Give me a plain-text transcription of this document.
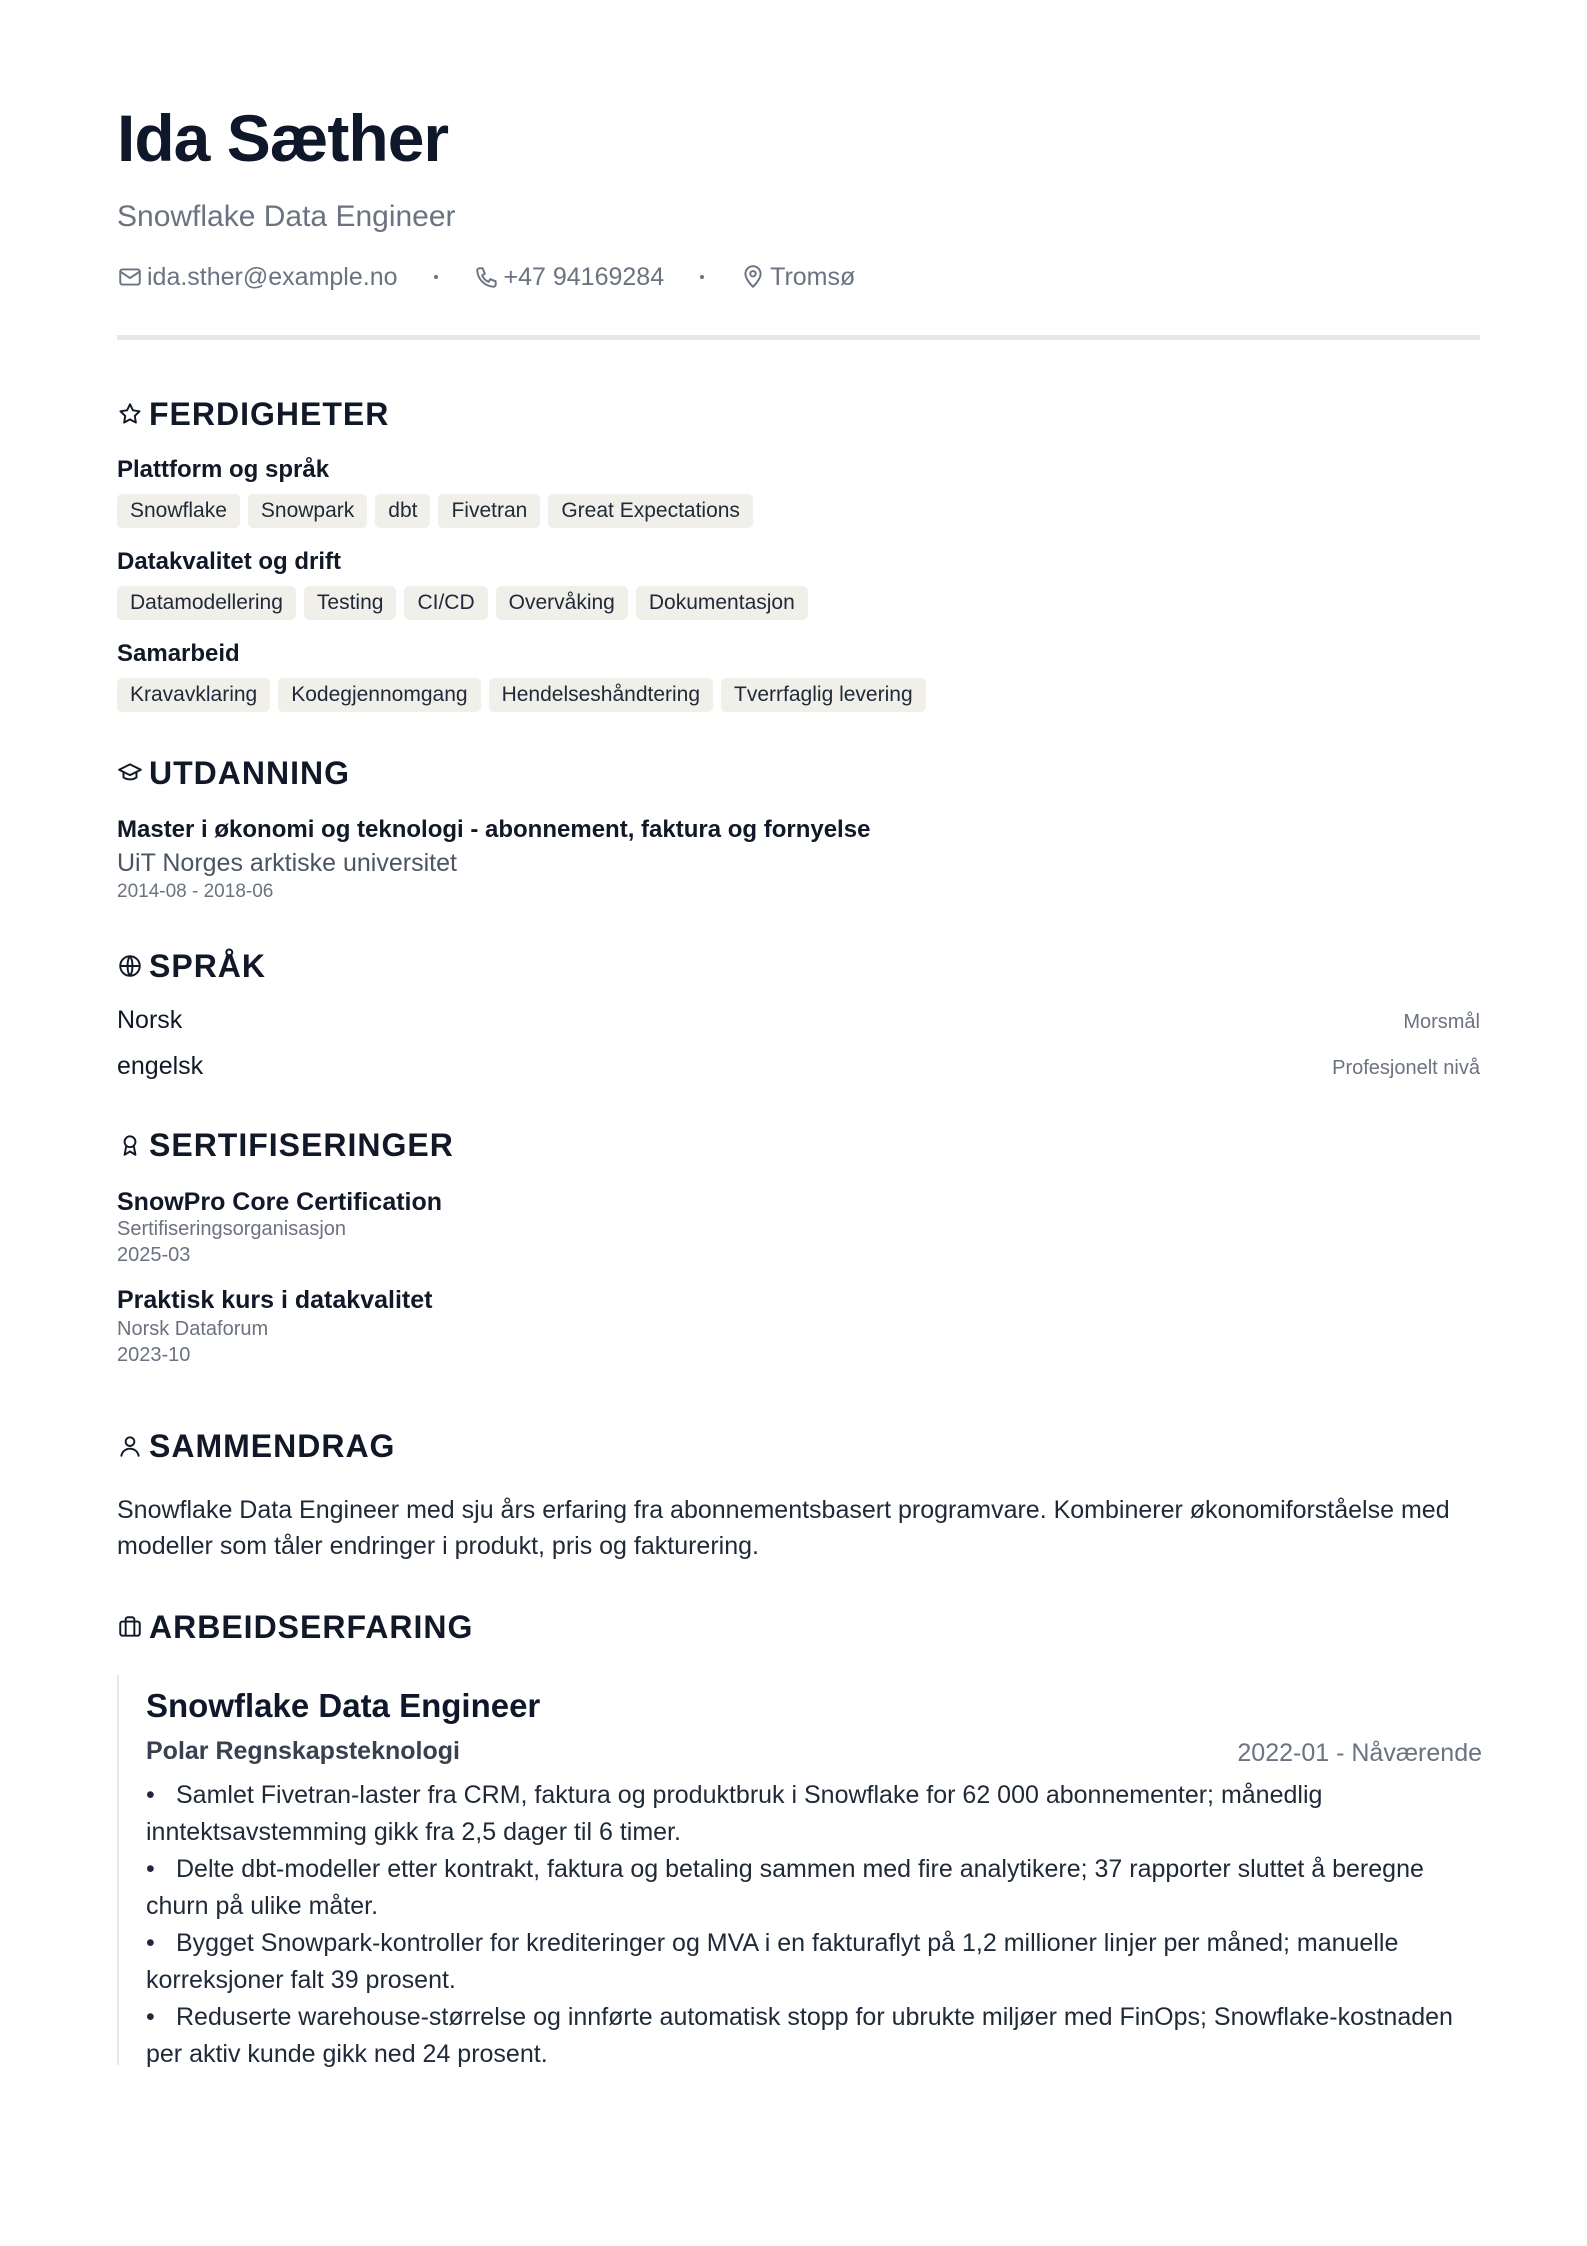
Ida Sæther
Snowflake Data Engineer
ida.sther@example.no	+47 94169284	Tromsø
FERDIGHETER
Plattform og språk
Snowflake	Snowpark	dbt	Fivetran	Great Expectations
Datakvalitet og drift
Datamodellering	Testing	CI/CD	Overvåking	Dokumentasjon
Samarbeid
Kravavklaring	Kodegjennomgang	Hendelseshåndtering	Tverrfaglig levering
UTDANNING
Master i økonomi og teknologi - abonnement, faktura og fornyelse
UiT Norges arktiske universitet
2014-08 - 2018-06
SPRÅK
Norsk	Morsmål
engelsk	Profesjonelt nivå
SERTIFISERINGER
SnowPro Core Certification
Sertifiseringsorganisasjon
2025-03
Praktisk kurs i datakvalitet
Norsk Dataforum
2023-10
SAMMENDRAG
Snowflake Data Engineer med sju års erfaring fra abonnementsbasert programvare. Kombinerer økonomiforståelse med modeller som tåler endringer i produkt, pris og fakturering.
ARBEIDSERFARING
Snowflake Data Engineer
Polar Regnskapsteknologi	2022-01 - Nåværende
• Samlet Fivetran-laster fra CRM, faktura og produktbruk i Snowflake for 62 000 abonnementer; månedlig inntektsavstemming gikk fra 2,5 dager til 6 timer.
• Delte dbt-modeller etter kontrakt, faktura og betaling sammen med fire analytikere; 37 rapporter sluttet å beregne churn på ulike måter.
• Bygget Snowpark-kontroller for krediteringer og MVA i en fakturaflyt på 1,2 millioner linjer per måned; manuelle korreksjoner falt 39 prosent.
• Reduserte warehouse-størrelse og innførte automatisk stopp for ubrukte miljøer med FinOps; Snowflake-kostnaden per aktiv kunde gikk ned 24 prosent.
